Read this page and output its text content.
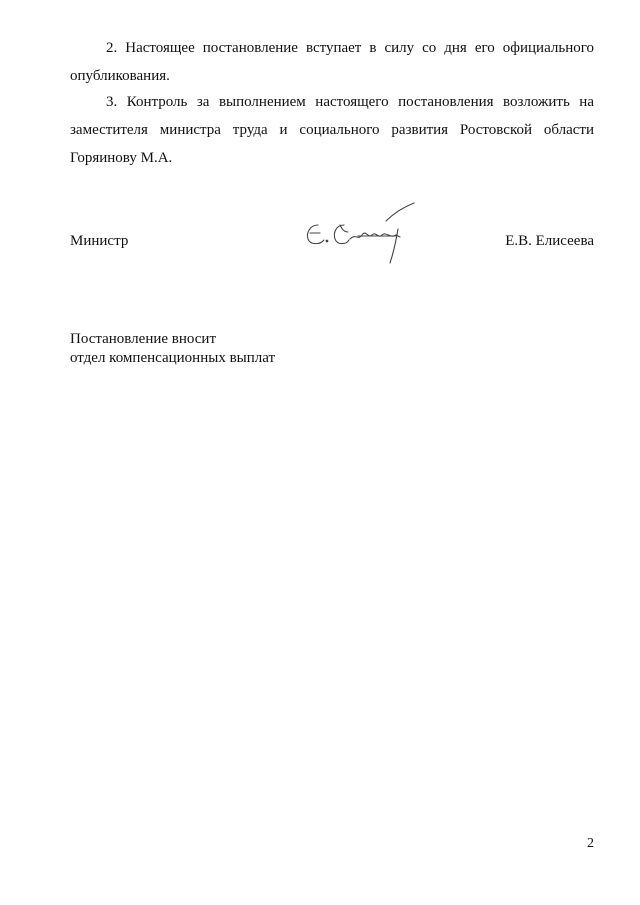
2. Настоящее постановление вступает в силу со дня его официального опубликования.

3. Контроль за выполнением настоящего постановления возложить на заместителя министра труда и социального развития Ростовской области Горяинову М.А.

Министр	Е.В. Елисеева
Постановление вносит
отдел компенсационных выплат
2
